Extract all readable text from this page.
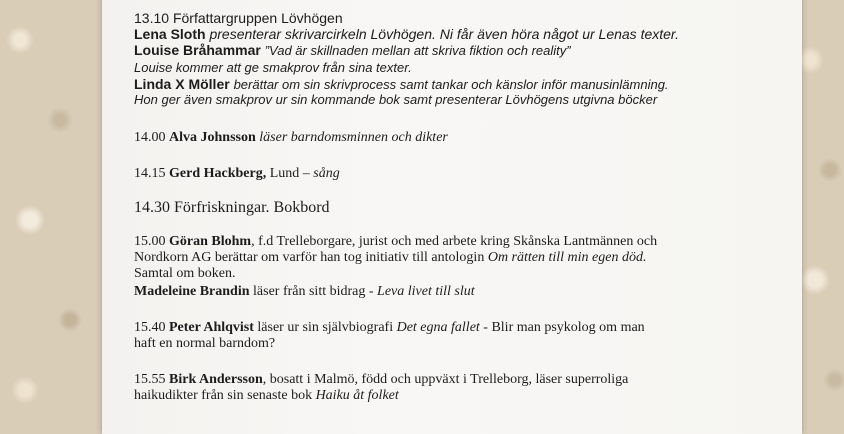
13.10 Författargruppen Lövhögen
Lena Sloth presenterar skrivarcirkeln Lövhögen. Ni får även höra något ur Lenas texter.
Louise Bråhammar ”Vad är skillnaden mellan att skriva fiktion och reality”
Louise kommer att ge smakprov från sina texter.
Linda X Möller berättar om sin skrivprocess samt tankar och känslor inför manusinlämning.
Hon ger även smakprov ur sin kommande bok samt presenterar Lövhögens utgivna böcker
14.00 Alva Johnsson läser barndomsminnen och dikter
14.15 Gerd Hackberg, Lund – sång
14.30 Förfriskningar. Bokbord
15.00 Göran Blohm, f.d Trelleborgare, jurist och med arbete kring Skånska Lantmännen och
Nordkorn AG berättar om varför han tog initiativ till antologin Om rätten till min egen död.
Samtal om boken.
Madeleine Brandin läser från sitt bidrag - Leva livet till slut
15.40 Peter Ahlqvist läser ur sin självbiografi Det egna fallet - Blir man psykolog om man
haft en normal barndom?
15.55 Birk Andersson, bosatt i Malmö, född och uppväxt i Trelleborg, läser superroliga
haikudikter från sin senaste bok Haiku åt folket
